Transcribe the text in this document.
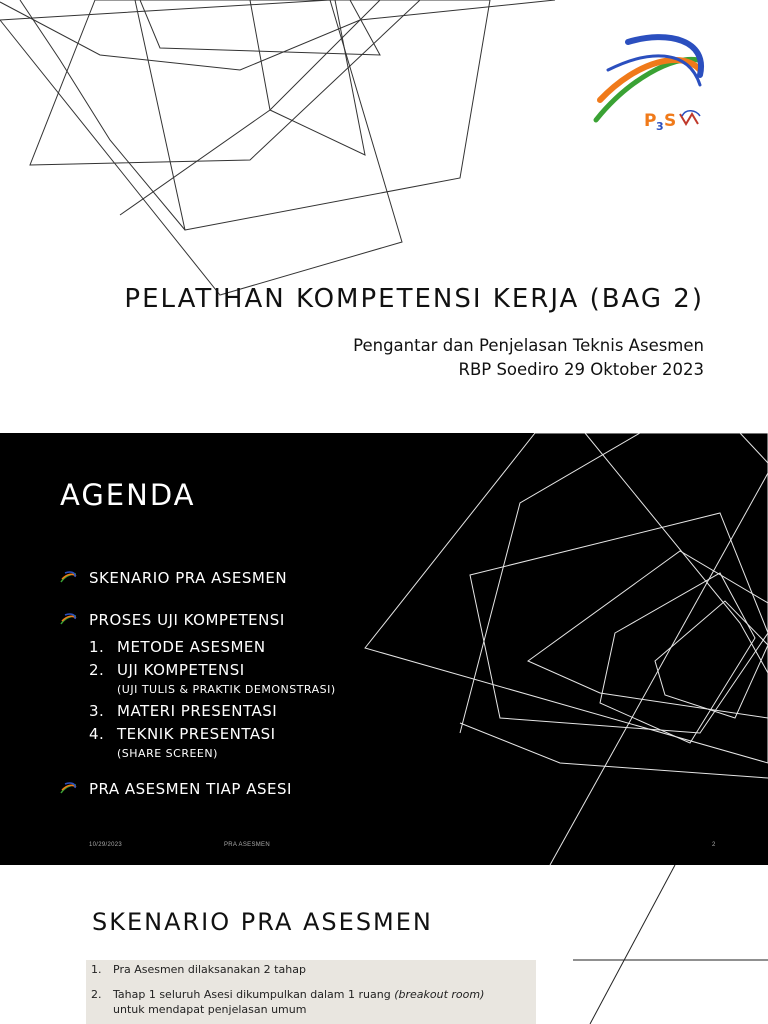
P 3 S
PELATIHAN KOMPETENSI KERJA (BAG 2)
Pengantar dan Penjelasan Teknis Asesmen
RBP Soediro 29 Oktober 2023
AGENDA
SKENARIO PRA ASESMEN
PROSES UJI KOMPETENSI
1. METODE ASESMEN
2. UJI KOMPETENSI
(UJI TULIS & PRAKTIK DEMONSTRASI)
3. MATERI PRESENTASI
4. TEKNIK PRESENTASI
(SHARE SCREEN)
PRA ASESMEN TIAP ASESI
10/29/2023	PRA ASESMEN	2
SKENARIO PRA ASESMEN
1. Pra Asesmen dilaksanakan 2 tahap
2. Tahap 1 seluruh Asesi dikumpulkan dalam 1 ruang (breakout room)
untuk mendapat penjelasan umum
